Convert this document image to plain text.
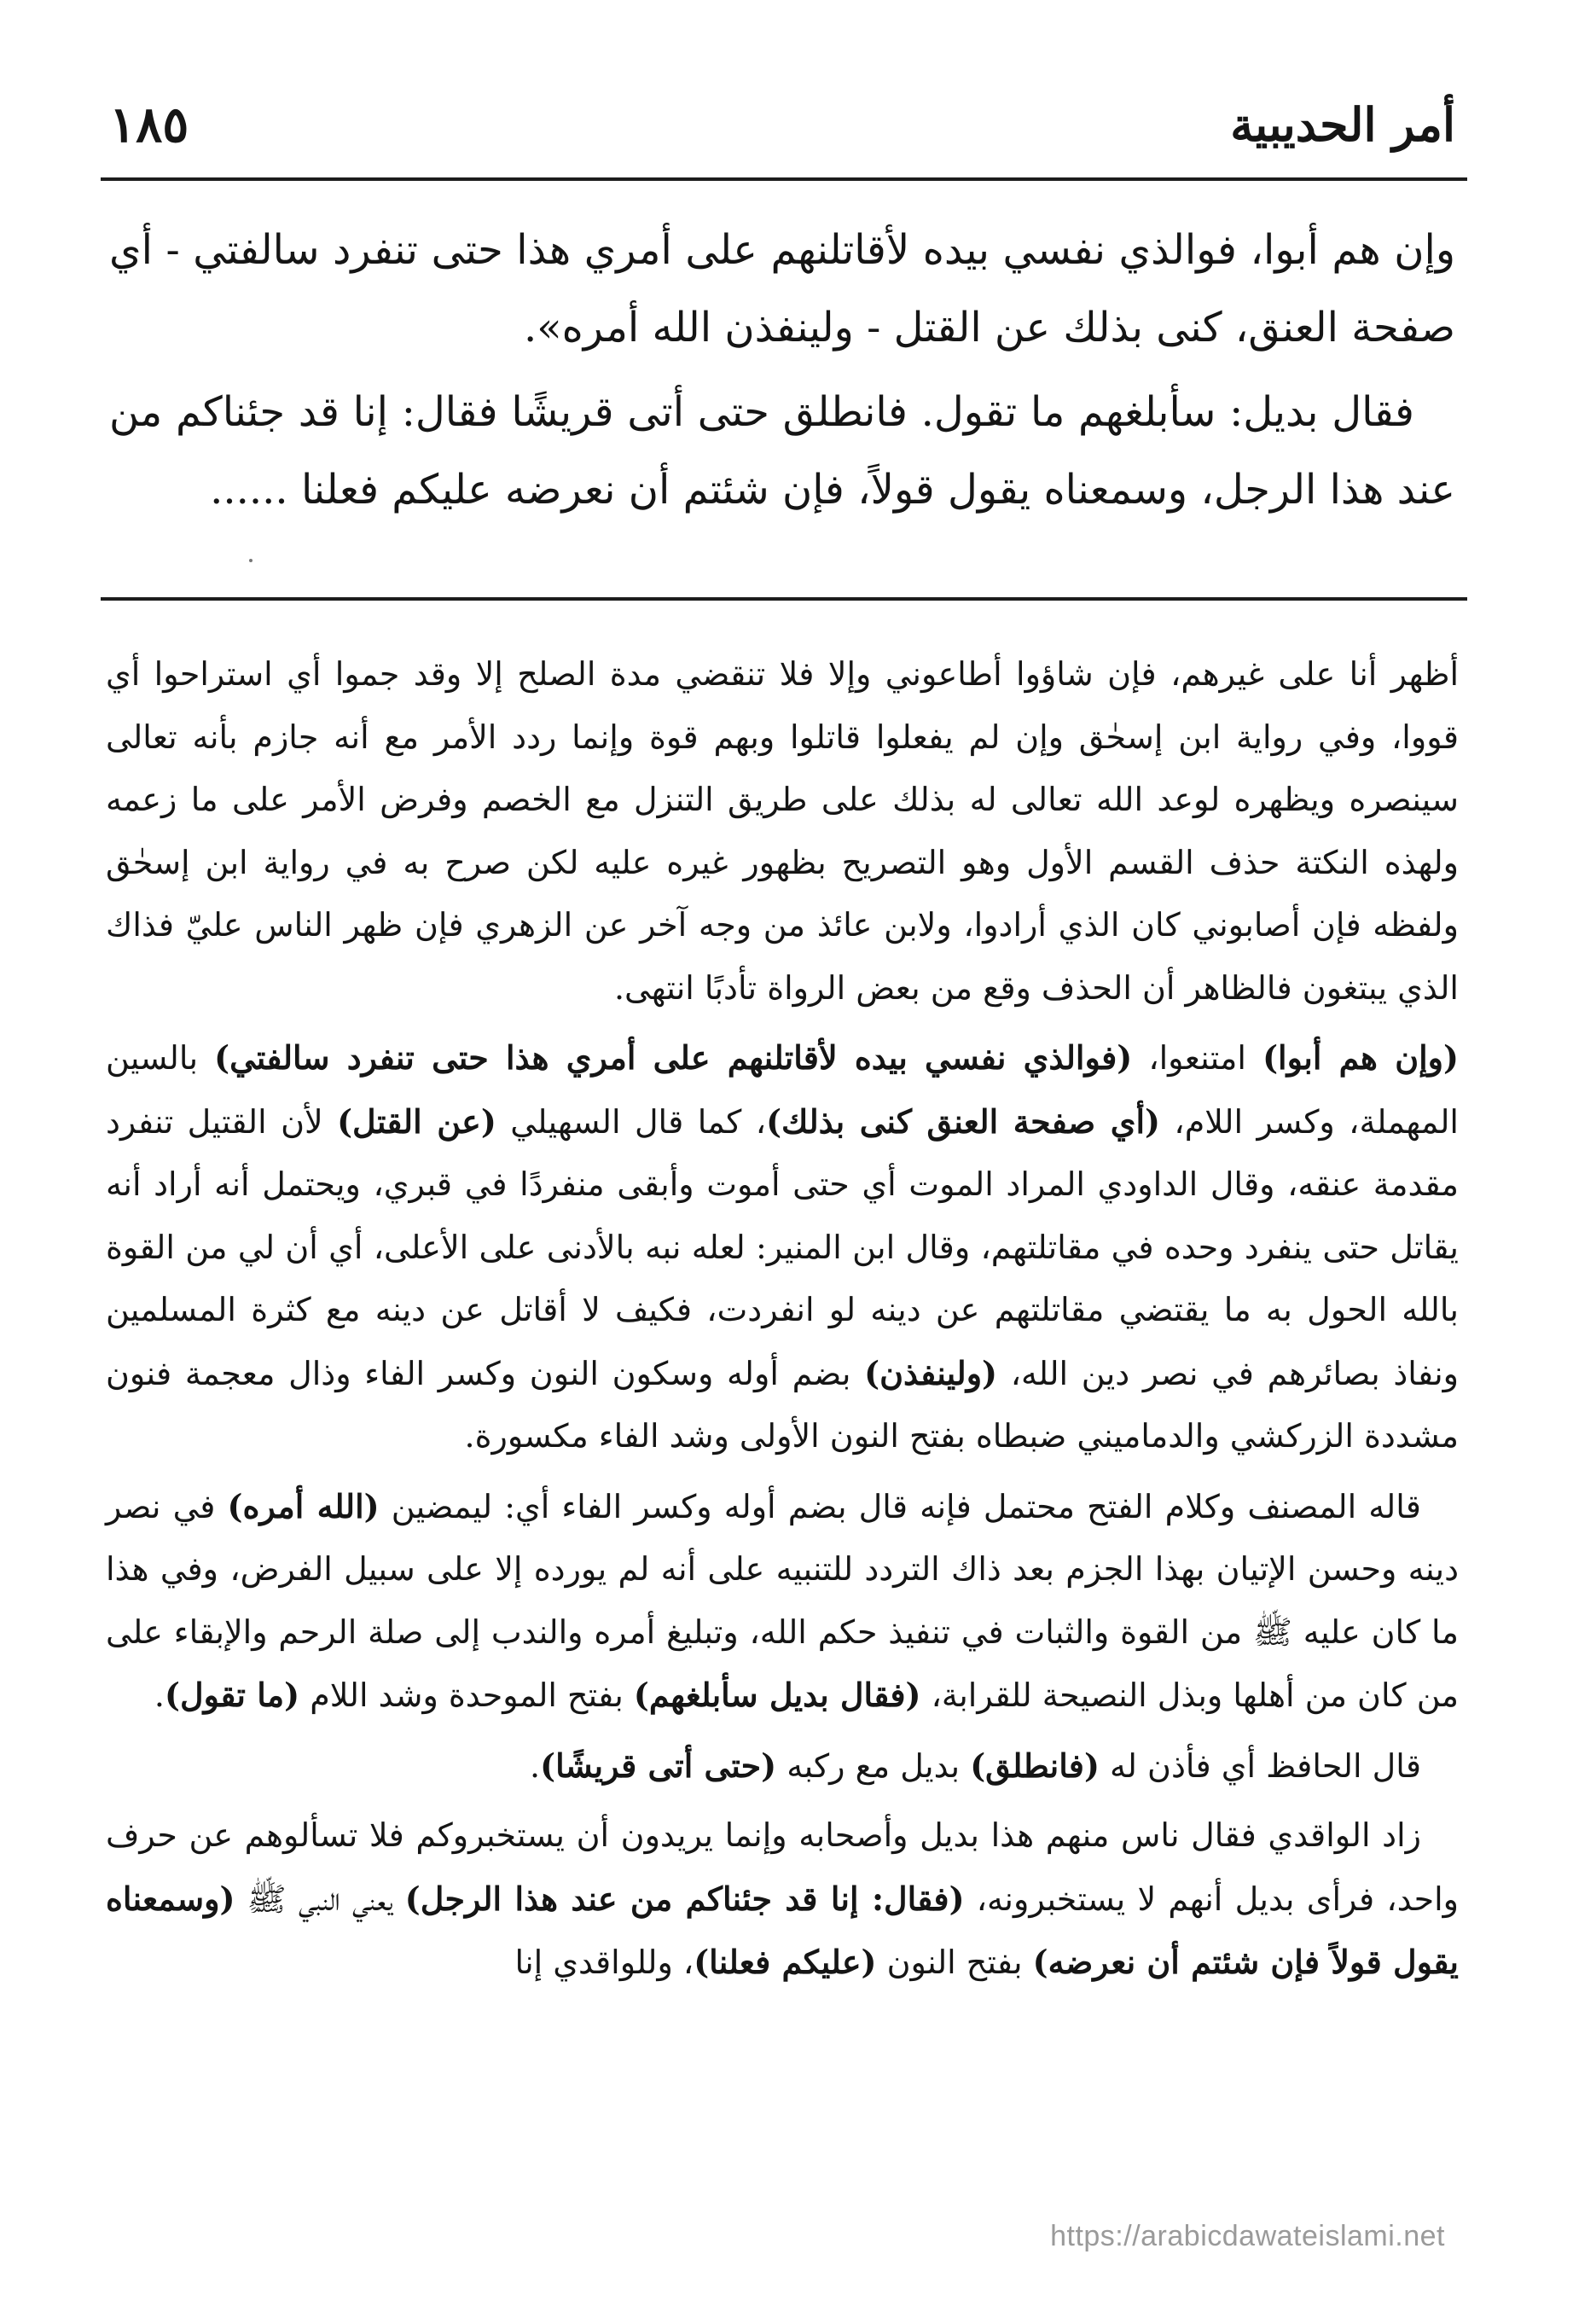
أمر الحديبية
١٨٥

وإن هم أبوا، فوالذي نفسي بيده لأقاتلنهم على أمري هذا حتى تنفرد سالفتي - أي صفحة العنق، كنى بذلك عن القتل - ولينفذن الله أمره».

فقال بديل: سأبلغهم ما تقول. فانطلق حتى أتى قريشًا فقال: إنا قد جئناكم من عند هذا الرجل، وسمعناه يقول قولاً، فإن شئتم أن نعرضه عليكم فعلنا ......

أظهر أنا على غيرهم، فإن شاؤوا أطاعوني وإلا فلا تنقضي مدة الصلح إلا وقد جموا أي استراحوا أي قووا، وفي رواية ابن إسحٰق وإن لم يفعلوا قاتلوا وبهم قوة وإنما ردد الأمر مع أنه جازم بأنه تعالى سينصره ويظهره لوعد الله تعالى له بذلك على طريق التنزل مع الخصم وفرض الأمر على ما زعمه ولهذه النكتة حذف القسم الأول وهو التصريح بظهور غيره عليه لكن صرح به في رواية ابن إسحٰق ولفظه فإن أصابوني كان الذي أرادوا، ولابن عائذ من وجه آخر عن الزهري فإن ظهر الناس عليّ فذاك الذي يبتغون فالظاهر أن الحذف وقع من بعض الرواة تأدبًا انتهى.

(وإن هم أبوا) امتنعوا، (فوالذي نفسي بيده لأقاتلنهم على أمري هذا حتى تنفرد سالفتي) بالسين المهملة، وكسر اللام، (أي صفحة العنق كنى بذلك)، كما قال السهيلي (عن القتل) لأن القتيل تنفرد مقدمة عنقه، وقال الداودي المراد الموت أي حتى أموت وأبقى منفردًا في قبري، ويحتمل أنه أراد أنه يقاتل حتى ينفرد وحده في مقاتلتهم، وقال ابن المنير: لعله نبه بالأدنى على الأعلى، أي أن لي من القوة بالله الحول به ما يقتضي مقاتلتهم عن دينه لو انفردت، فكيف لا أقاتل عن دينه مع كثرة المسلمين ونفاذ بصائرهم في نصر دين الله، (ولينفذن) بضم أوله وسكون النون وكسر الفاء وذال معجمة فنون مشددة الزركشي والدماميني ضبطاه بفتح النون الأولى وشد الفاء مكسورة.

قاله المصنف وكلام الفتح محتمل فإنه قال بضم أوله وكسر الفاء أي: ليمضين (الله أمره) في نصر دينه وحسن الإتيان بهذا الجزم بعد ذاك التردد للتنبيه على أنه لم يورده إلا على سبيل الفرض، وفي هذا ما كان عليه ﷺ من القوة والثبات في تنفيذ حكم الله، وتبليغ أمره والندب إلى صلة الرحم والإبقاء على من كان من أهلها وبذل النصيحة للقرابة، (فقال بديل سأبلغهم) بفتح الموحدة وشد اللام (ما تقول).

قال الحافظ أي فأذن له (فانطلق) بديل مع ركبه (حتى أتى قريشًا).

زاد الواقدي فقال ناس منهم هذا بديل وأصحابه وإنما يريدون أن يستخبروكم فلا تسألوهم عن حرف واحد، فرأى بديل أنهم لا يستخبرونه، (فقال: إنا قد جئناكم من عند هذا الرجل) يعني النبي ﷺ (وسمعناه يقول قولاً فإن شئتم أن نعرضه) بفتح النون (عليكم فعلنا)، وللواقدي إنا

https://arabicdawateislami.net
